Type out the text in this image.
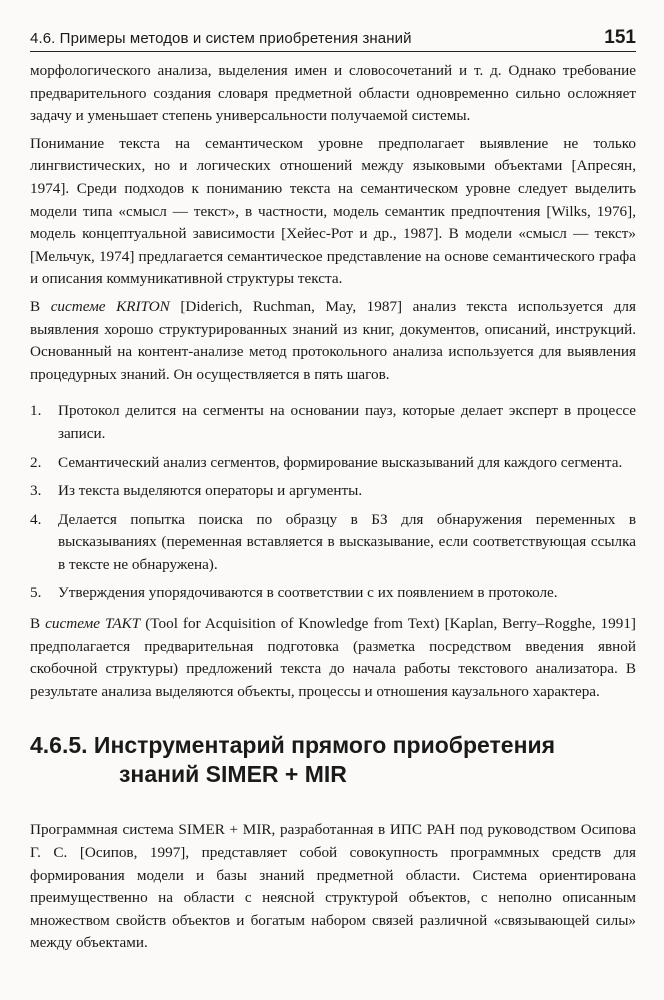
4.6. Примеры методов и систем приобретения знаний	151

морфологического анализа, выделения имен и словосочетаний и т. д. Однако требование предварительного создания словаря предметной области одновременно сильно осложняет задачу и уменьшает степень универсальности получаемой системы.

Понимание текста на семантическом уровне предполагает выявление не только лингвистических, но и логических отношений между языковыми объектами [Апресян, 1974]. Среди подходов к пониманию текста на семантическом уровне следует выделить модели типа «смысл — текст», в частности, модель семантик предпочтения [Wilks, 1976], модель концептуальной зависимости [Хейес-Рот и др., 1987]. В модели «смысл — текст» [Мельчук, 1974] предлагается семантическое представление на основе семантического графа и описания коммуникативной структуры текста.

В системе KRITON [Diderich, Ruchman, May, 1987] анализ текста используется для выявления хорошо структурированных знаний из книг, документов, описаний, инструкций. Основанный на контент-анализе метод протокольного анализа используется для выявления процедурных знаний. Он осуществляется в пять шагов.

1.	Протокол делится на сегменты на основании пауз, которые делает эксперт в процессе записи.
2.	Семантический анализ сегментов, формирование высказываний для каждого сегмента.
3.	Из текста выделяются операторы и аргументы.
4.	Делается попытка поиска по образцу в БЗ для обнаружения переменных в высказываниях (переменная вставляется в высказывание, если соответствующая ссылка в тексте не обнаружена).
5.	Утверждения упорядочиваются в соответствии с их появлением в протоколе.

В системе TAKT (Tool for Acquisition of Knowledge from Text) [Kaplan, Berry–Rogghe, 1991] предполагается предварительная подготовка (разметка посредством введения явной скобочной структуры) предложений текста до начала работы текстового анализатора. В результате анализа выделяются объекты, процессы и отношения каузального характера.

4.6.5. Инструментарий прямого приобретения
знаний SIMER + MIR

Программная система SIMER + MIR, разработанная в ИПС РАН под руководством Осипова Г. С. [Осипов, 1997], представляет собой совокупность программных средств для формирования модели и базы знаний предметной области. Система ориентирована преимущественно на области с неясной структурой объектов, с неполно описанным множеством свойств объектов и богатым набором связей различной «связывающей силы» между объектами.
